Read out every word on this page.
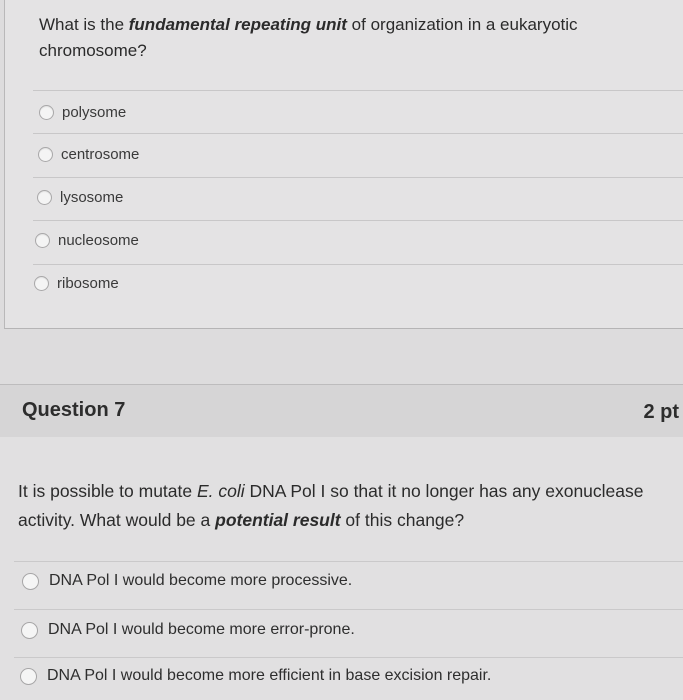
What is the fundamental repeating unit of organization in a eukaryotic chromosome?
polysome
centrosome
lysosome
nucleosome
ribosome
Question 7	2 pt
It is possible to mutate E. coli DNA Pol I so that it no longer has any exonuclease activity. What would be a potential result of this change?
DNA Pol I would become more processive.
DNA Pol I would become more error-prone.
DNA Pol I would become more efficient in base excision repair.
